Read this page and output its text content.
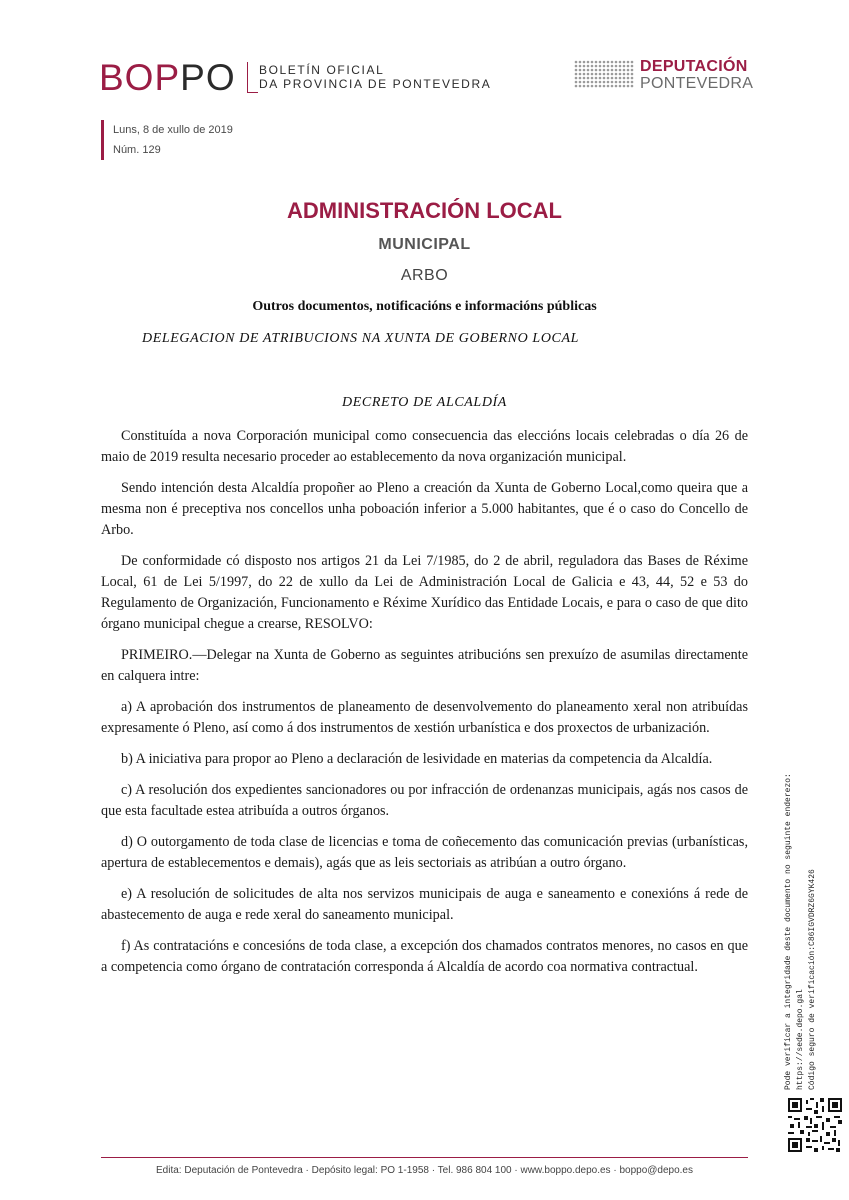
BOPPO BOLETÍN OFICIAL
DA PROVINCIA DE PONTEVEDRA
DEPUTACIÓN
PONTEVEDRA
Luns, 8 de xullo de 2019
Núm. 129
ADMINISTRACIÓN LOCAL
MUNICIPAL
ARBO
Outros documentos, notificacións e informacións públicas
DELEGACION DE ATRIBUCIONS NA XUNTA DE GOBERNO LOCAL
DECRETO DE ALCALDÍA

Constituída a nova Corporación municipal como consecuencia das eleccións locais celebradas o día 26 de maio de 2019 resulta necesario proceder ao establecemento da nova organización municipal.

Sendo intención desta Alcaldía propoñer ao Pleno a creación da Xunta de Goberno Local,como queira que a mesma non é preceptiva nos concellos unha poboación inferior a 5.000 habitantes, que é o caso do Concello de Arbo.

De conformidade có disposto nos artigos 21 da Lei 7/1985, do 2 de abril, reguladora das Bases de Réxime Local, 61 de Lei 5/1997, do 22 de xullo da Lei de Administración Local de Galicia e 43, 44, 52 e 53 do Regulamento de Organización, Funcionamento e Réxime Xurídico das Entidade Locais, e para o caso de que dito órgano municipal chegue a crearse, RESOLVO:

PRIMEIRO.—Delegar na Xunta de Goberno as seguintes atribucións sen prexuízo de asumilas directamente en calquera intre:

a) A aprobación dos instrumentos de planeamento de desenvolvemento do planeamento xeral non atribuídas expresamente ó Pleno, así como á dos instrumentos de xestión urbanística e dos proxectos de urbanización.

b) A iniciativa para propor ao Pleno a declaración de lesividade en materias da competencia da Alcaldía.

c) A resolución dos expedientes sancionadores ou por infracción de ordenanzas municipais, agás nos casos de que esta facultade estea atribuída a outros órganos.

d) O outorgamento de toda clase de licencias e toma de coñecemento das comunicación previas (urbanísticas, apertura de establecementos e demais), agás que as leis sectoriais as atribúan a outro órgano.

e) A resolución de solicitudes de alta nos servizos municipais de auga e saneamento e conexións á rede de abastecemento de auga e rede xeral do saneamento municipal.

f) As contratacións e concesións de toda clase, a excepción dos chamados contratos menores, no casos en que a competencia como órgano de contratación corresponda á Alcaldía de acordo coa normativa contractual.	Pode verificar a integridade deste documento no seguinte enderezo: https://sede.depo.gal Código seguro de verificación:C86IGVDRZ6GYK426
Edita: Deputación de Pontevedra · Depósito legal: PO 1-1958 · Tel. 986 804 100 · www.boppo.depo.es · boppo@depo.es
